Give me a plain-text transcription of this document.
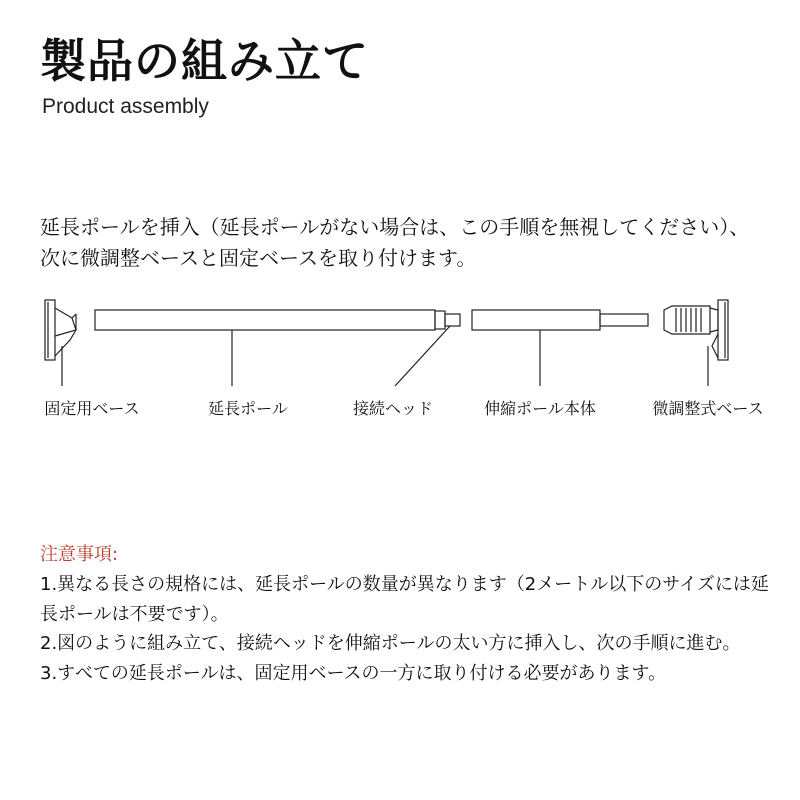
製品の組み立て
Product assembly
延長ポールを挿入（延長ポールがない場合は、この手順を無視してください）、次に微調整ベースと固定ベースを取り付けます。
固定用ベース	延長ポール	接続ヘッド	伸縮ポール本体	微調整式ベース
注意事項:

1.異なる長さの規格には、延長ポールの数量が異なります（2メートル以下のサイズには延長ポールは不要です）。

2.図のように組み立て、接続ヘッドを伸縮ポールの太い方に挿入し、次の手順に進む。

3.すべての延長ポールは、固定用ベースの一方に取り付ける必要があります。
